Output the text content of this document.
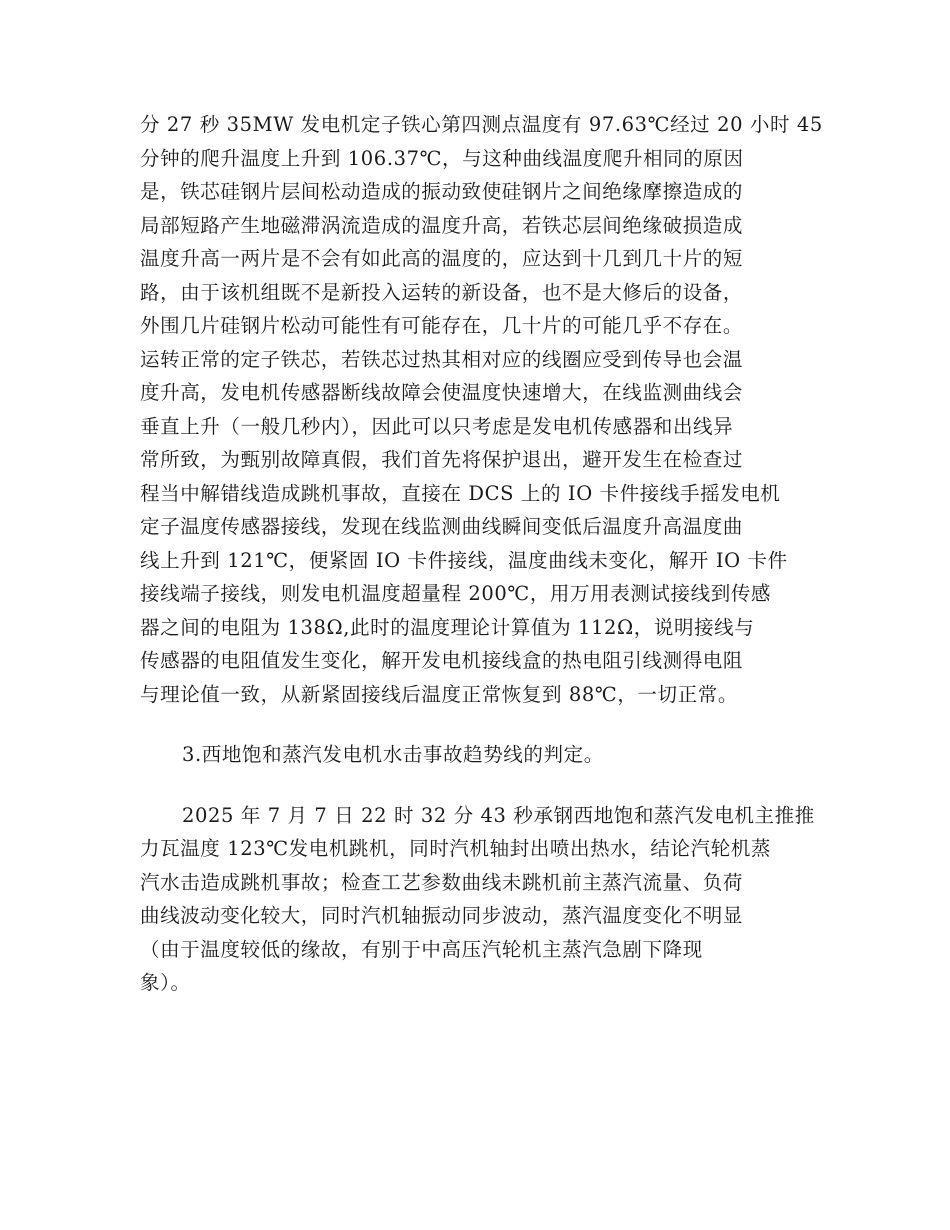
分 27 秒 35MW 发电机定子铁心第四测点温度有 97.63℃经过 20 小时 45
分钟的爬升温度上升到 106.37℃，与这种曲线温度爬升相同的原因
是，铁芯硅钢片层间松动造成的振动致使硅钢片之间绝缘摩擦造成的
局部短路产生地磁滞涡流造成的温度升高，若铁芯层间绝缘破损造成
温度升高一两片是不会有如此高的温度的，应达到十几到几十片的短
路，由于该机组既不是新投入运转的新设备，也不是大修后的设备，
外围几片硅钢片松动可能性有可能存在，几十片的可能几乎不存在。
运转正常的定子铁芯，若铁芯过热其相对应的线圈应受到传导也会温
度升高，发电机传感器断线故障会使温度快速增大，在线监测曲线会
垂直上升（一般几秒内），因此可以只考虑是发电机传感器和出线异
常所致，为甄别故障真假，我们首先将保护退出，避开发生在检查过
程当中解错线造成跳机事故，直接在 DCS 上的 IO 卡件接线手摇发电机
定子温度传感器接线，发现在线监测曲线瞬间变低后温度升高温度曲
线上升到 121℃，便紧固 IO 卡件接线，温度曲线未变化，解开 IO 卡件
接线端子接线，则发电机温度超量程 200℃，用万用表测试接线到传感
器之间的电阻为 138Ω,此时的温度理论计算值为 112Ω，说明接线与
传感器的电阻值发生变化，解开发电机接线盒的热电阻引线测得电阻
与理论值一致，从新紧固接线后温度正常恢复到 88℃，一切正常。
3.西地饱和蒸汽发电机水击事故趋势线的判定。
2025 年 7 月 7 日 22 时 32 分 43 秒承钢西地饱和蒸汽发电机主推推
力瓦温度 123℃发电机跳机，同时汽机轴封出喷出热水，结论汽轮机蒸
汽水击造成跳机事故；检查工艺参数曲线未跳机前主蒸汽流量、负荷
曲线波动变化较大，同时汽机轴振动同步波动，蒸汽温度变化不明显
（由于温度较低的缘故，有别于中高压汽轮机主蒸汽急剧下降现
象）。
